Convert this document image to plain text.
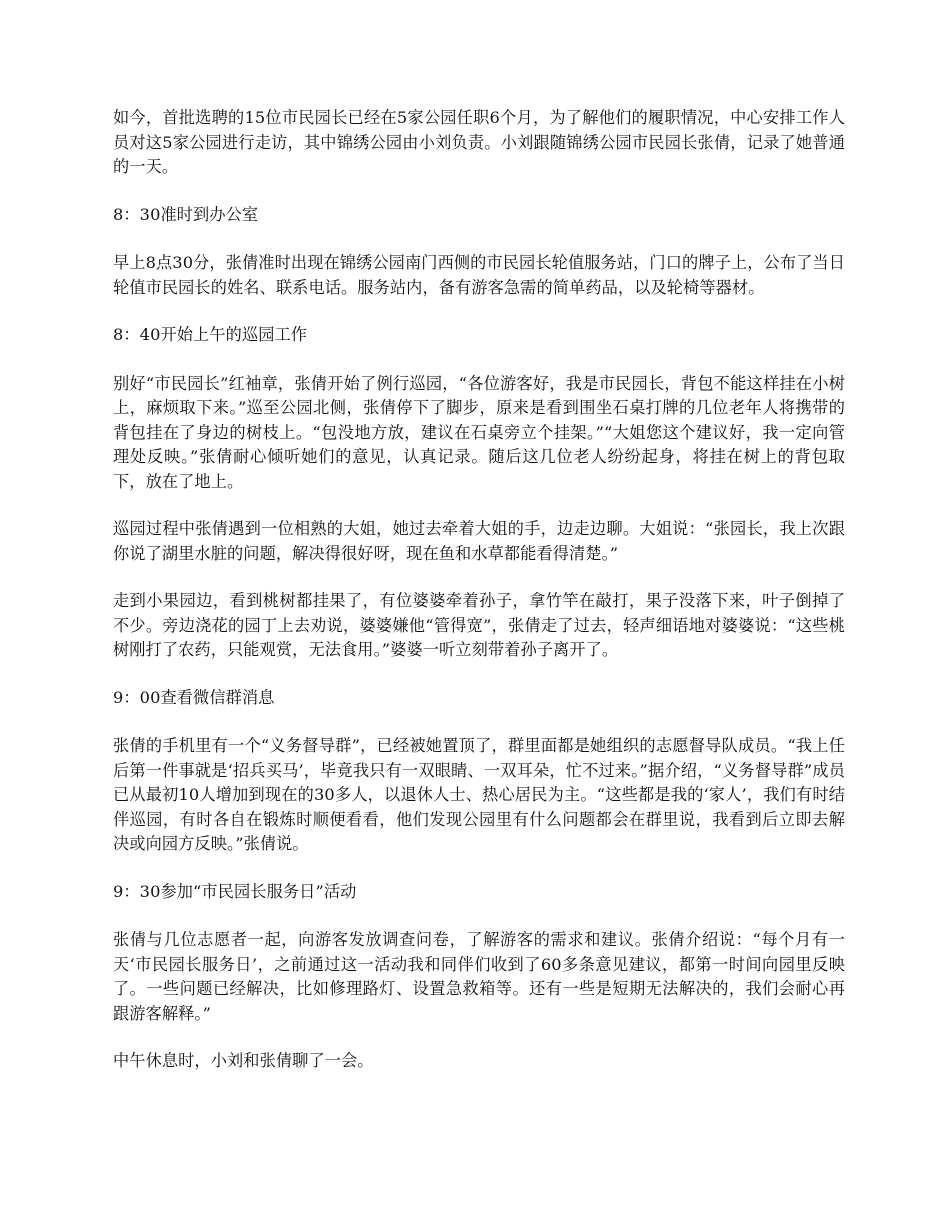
如今，首批选聘的15位市民园长已经在5家公园任职6个月，为了解他们的履职情况，中心安排工作人员对这5家公园进行走访，其中锦绣公园由小刘负责。小刘跟随锦绣公园市民园长张倩，记录了她普通的一天。

8：30准时到办公室

早上8点30分，张倩准时出现在锦绣公园南门西侧的市民园长轮值服务站，门口的牌子上，公布了当日轮值市民园长的姓名、联系电话。服务站内，备有游客急需的简单药品，以及轮椅等器材。

8：40开始上午的巡园工作

别好“市民园长”红袖章，张倩开始了例行巡园，“各位游客好，我是市民园长，背包不能这样挂在小树上，麻烦取下来。”巡至公园北侧，张倩停下了脚步，原来是看到围坐石桌打牌的几位老年人将携带的背包挂在了身边的树枝上。“包没地方放，建议在石桌旁立个挂架。”“大姐您这个建议好，我一定向管理处反映。”张倩耐心倾听她们的意见，认真记录。随后这几位老人纷纷起身，将挂在树上的背包取下，放在了地上。

巡园过程中张倩遇到一位相熟的大姐，她过去牵着大姐的手，边走边聊。大姐说：“张园长，我上次跟你说了湖里水脏的问题，解决得很好呀，现在鱼和水草都能看得清楚。”

走到小果园边，看到桃树都挂果了，有位婆婆牵着孙子，拿竹竿在敲打，果子没落下来，叶子倒掉了不少。旁边浇花的园丁上去劝说，婆婆嫌他“管得宽”，张倩走了过去，轻声细语地对婆婆说：“这些桃树刚打了农药，只能观赏，无法食用。”婆婆一听立刻带着孙子离开了。

9：00查看微信群消息

张倩的手机里有一个“义务督导群”，已经被她置顶了，群里面都是她组织的志愿督导队成员。“我上任后第一件事就是‘招兵买马’，毕竟我只有一双眼睛、一双耳朵，忙不过来。”据介绍，“义务督导群”成员已从最初10人增加到现在的30多人，以退休人士、热心居民为主。“这些都是我的‘家人’，我们有时结伴巡园，有时各自在锻炼时顺便看看，他们发现公园里有什么问题都会在群里说，我看到后立即去解决或向园方反映。”张倩说。

9：30参加“市民园长服务日”活动

张倩与几位志愿者一起，向游客发放调查问卷，了解游客的需求和建议。张倩介绍说：“每个月有一天‘市民园长服务日’，之前通过这一活动我和同伴们收到了60多条意见建议，都第一时间向园里反映了。一些问题已经解决，比如修理路灯、设置急救箱等。还有一些是短期无法解决的，我们会耐心再跟游客解释。”

中午休息时，小刘和张倩聊了一会。
